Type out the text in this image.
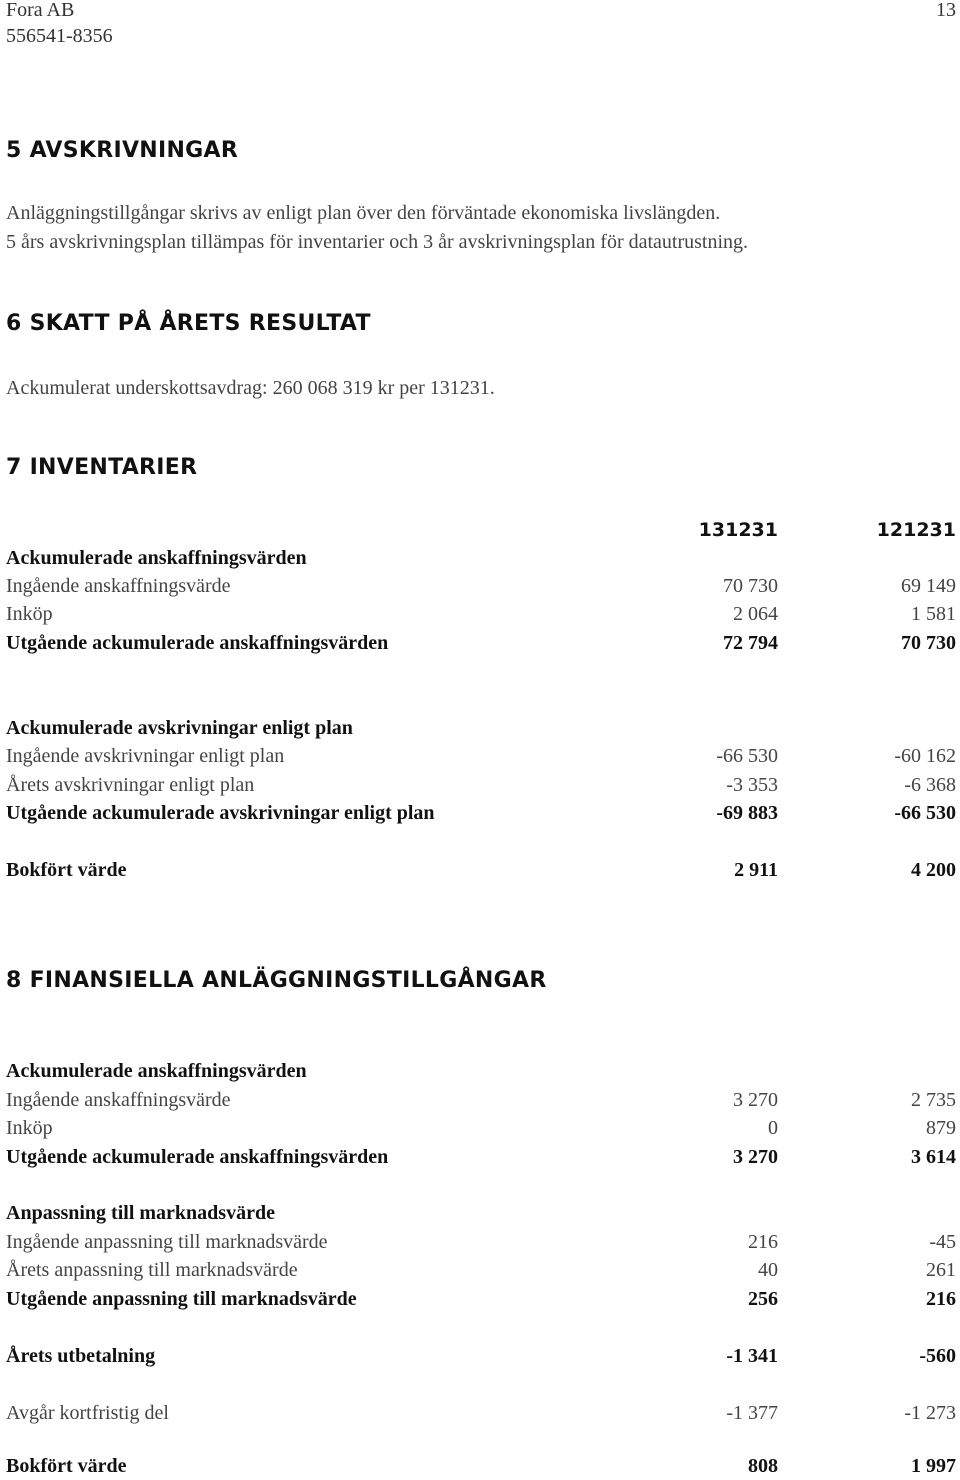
Fora AB
556541-8356
13
5 AVSKRIVNINGAR
Anläggningstillgångar skrivs av enligt plan över den förväntade ekonomiska livslängden.
5 års avskrivningsplan tillämpas för inventarier och 3 år avskrivningsplan för datautrustning.
6 SKATT PÅ ÅRETS RESULTAT
Ackumulerat underskottsavdrag: 260 068 319 kr per 131231.
7 INVENTARIER
131231	121231
Ackumulerade anskaffningsvärden
Ingående anskaffningsvärde	70 730	69 149
Inköp	2 064	1 581
Utgående ackumulerade anskaffningsvärden	72 794	70 730
Ackumulerade avskrivningar enligt plan
Ingående avskrivningar enligt plan	-66 530	-60 162
Årets avskrivningar enligt plan	-3 353	-6 368
Utgående ackumulerade avskrivningar enligt plan	-69 883	-66 530
Bokfört värde	2 911	4 200
8 FINANSIELLA ANLÄGGNINGSTILLGÅNGAR
Ackumulerade anskaffningsvärden
Ingående anskaffningsvärde	3 270	2 735
Inköp	0	879
Utgående ackumulerade anskaffningsvärden	3 270	3 614
Anpassning till marknadsvärde
Ingående anpassning till marknadsvärde	216	-45
Årets anpassning till marknadsvärde	40	261
Utgående anpassning till marknadsvärde	256	216
Årets utbetalning	-1 341	-560
Avgår kortfristig del	-1 377	-1 273
Bokfört värde	808	1 997
